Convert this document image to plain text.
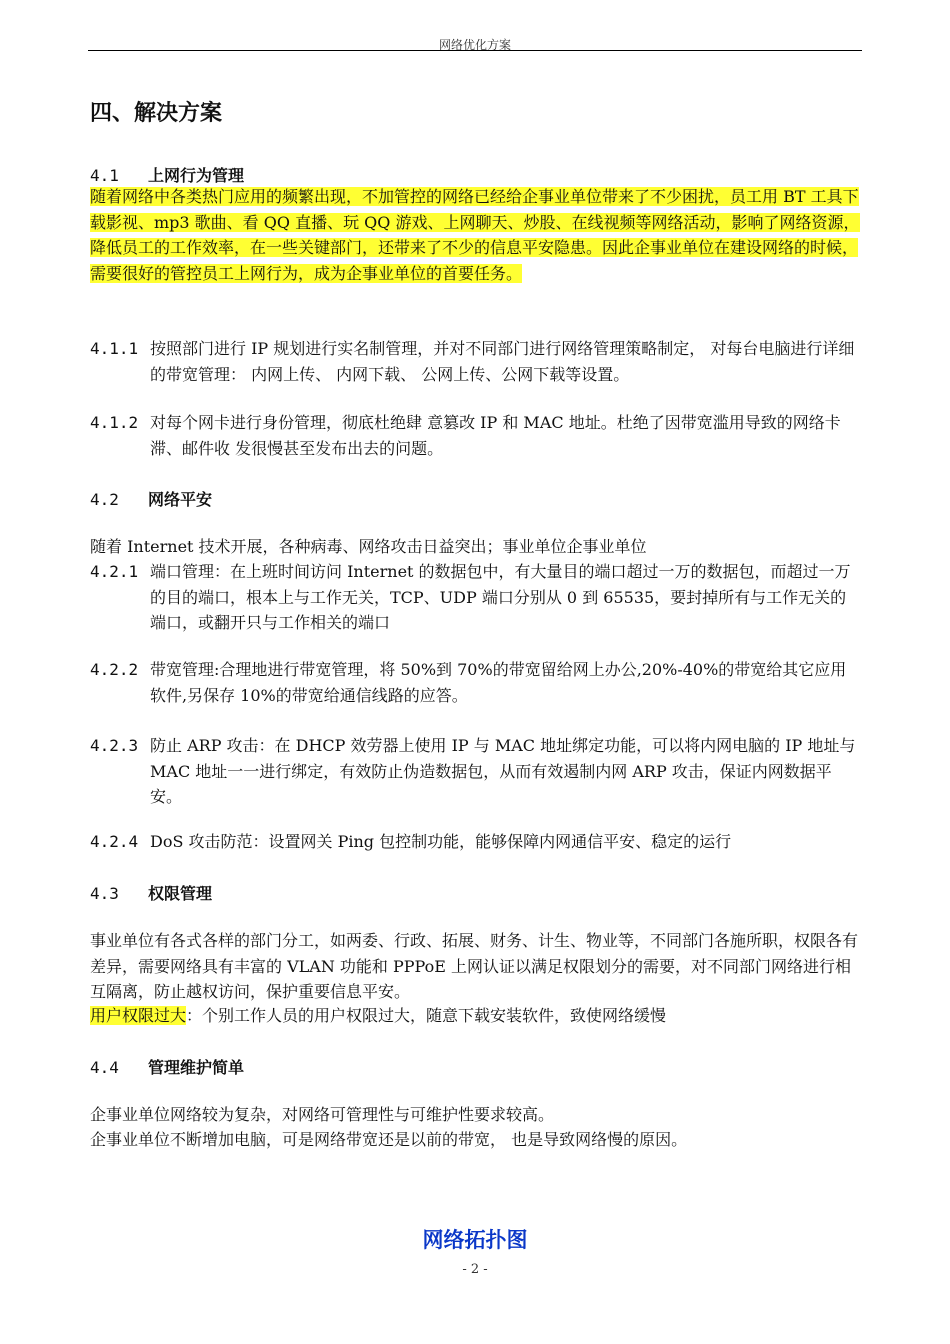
网络优化方案
四、解决方案
4.1 上网行为管理
随着网络中各类热门应用的频繁出现，不加管控的网络已经给企事业单位带来了不少困扰，员工用 BT 工具下载影视、mp3 歌曲、看 QQ 直播、玩 QQ 游戏、上网聊天、炒股、在线视频等网络活动，影响了网络资源，降低员工的工作效率，在一些关键部门，还带来了不少的信息平安隐患。因此企事业单位在建设网络的时候，需要很好的管控员工上网行为，成为企事业单位的首要任务。
4.1.1 按照部门进行 IP 规划进行实名制管理，并对不同部门进行网络管理策略制定， 对每台电脑进行详细的带宽管理： 内网上传、 内网下载、 公网上传、公网下载等设置。
4.1.2 对每个网卡进行身份管理，彻底杜绝肆 意篡改 IP 和 MAC 地址。杜绝了因带宽滥用导致的网络卡滞、邮件收 发很慢甚至发布出去的问题。
4.2 网络平安
随着 Internet 技术开展，各种病毒、网络攻击日益突出；事业单位企事业单位
4.2.1 端口管理：在上班时间访问 Internet 的数据包中，有大量目的端口超过一万的数据包，而超过一万的目的端口，根本上与工作无关，TCP、UDP 端口分别从 0 到 65535，要封掉所有与工作无关的端口，或翻开只与工作相关的端口
4.2.2 带宽管理:合理地进行带宽管理，将 50%到 70%的带宽留给网上办公,20%-40%的带宽给其它应用软件,另保存 10%的带宽给通信线路的应答。
4.2.3 防止 ARP 攻击：在 DHCP 效劳器上使用 IP 与 MAC 地址绑定功能，可以将内网电脑的 IP 地址与 MAC 地址一一进行绑定，有效防止伪造数据包，从而有效遏制内网 ARP 攻击，保证内网数据平安。
4.2.4 DoS 攻击防范：设置网关 Ping 包控制功能，能够保障内网通信平安、稳定的运行
4.3 权限管理
事业单位有各式各样的部门分工，如两委、行政、拓展、财务、计生、物业等，不同部门各施所职，权限各有差异，需要网络具有丰富的 VLAN 功能和 PPPoE 上网认证以满足权限划分的需要，对不同部门网络进行相互隔离，防止越权访问，保护重要信息平安。
用户权限过大：个别工作人员的用户权限过大，随意下载安装软件，致使网络缓慢
4.4 管理维护简单
企事业单位网络较为复杂，对网络可管理性与可维护性要求较高。
企事业单位不断增加电脑，可是网络带宽还是以前的带宽， 也是导致网络慢的原因。
网络拓扑图
- 2 -
